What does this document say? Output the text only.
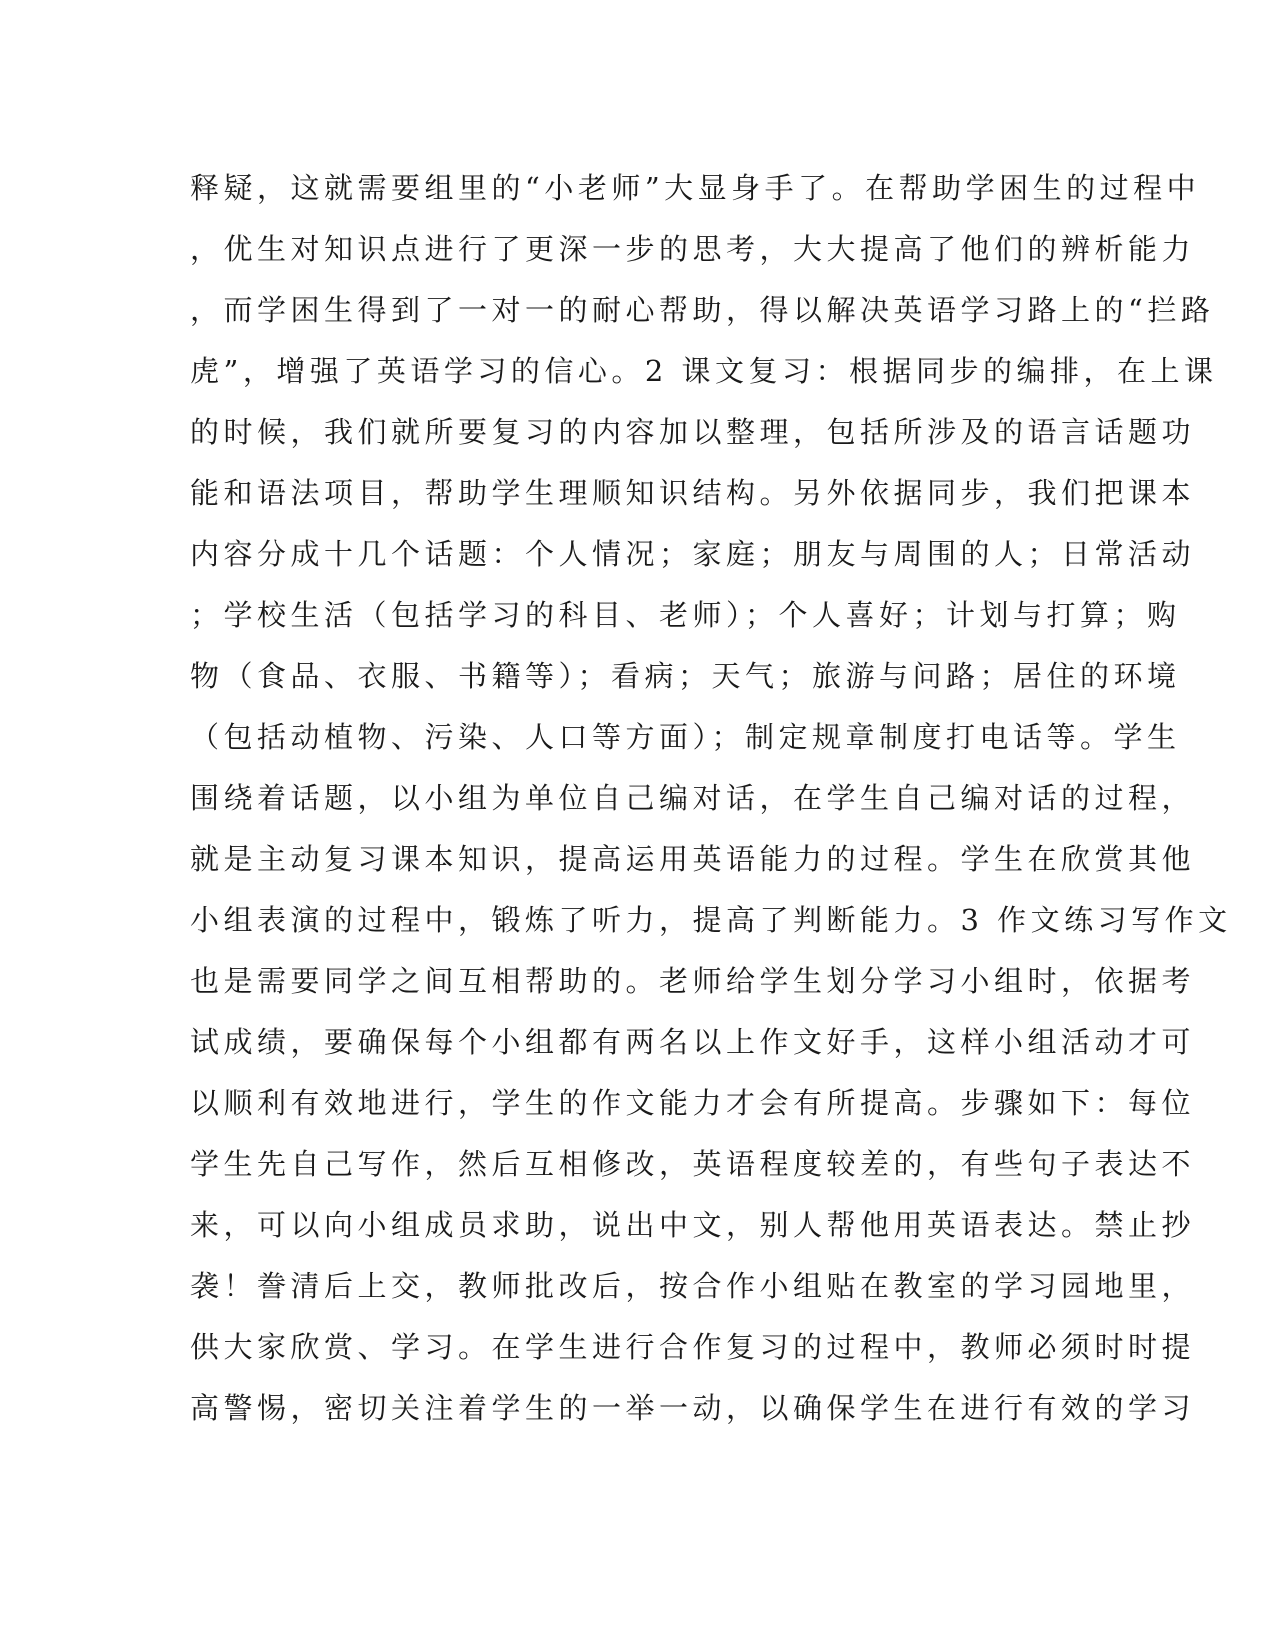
释疑，这就需要组里的“小老师”大显身手了。在帮助学困生的过程中
，优生对知识点进行了更深一步的思考，大大提高了他们的辨析能力
，而学困生得到了一对一的耐心帮助，得以解决英语学习路上的“拦路
虎”，增强了英语学习的信心。2 课文复习：根据同步的编排，在上课
的时候，我们就所要复习的内容加以整理，包括所涉及的语言话题功
能和语法项目，帮助学生理顺知识结构。另外依据同步，我们把课本
内容分成十几个话题：个人情况；家庭；朋友与周围的人；日常活动
；学校生活（包括学习的科目、老师）；个人喜好；计划与打算；购
物（食品、衣服、书籍等）；看病；天气；旅游与问路；居住的环境
（包括动植物、污染、人口等方面）；制定规章制度打电话等。学生
围绕着话题，以小组为单位自己编对话，在学生自己编对话的过程，
就是主动复习课本知识，提高运用英语能力的过程。学生在欣赏其他
小组表演的过程中，锻炼了听力，提高了判断能力。3 作文练习写作文
也是需要同学之间互相帮助的。老师给学生划分学习小组时，依据考
试成绩，要确保每个小组都有两名以上作文好手，这样小组活动才可
以顺利有效地进行，学生的作文能力才会有所提高。步骤如下：每位
学生先自己写作，然后互相修改，英语程度较差的，有些句子表达不
来，可以向小组成员求助，说出中文，别人帮他用英语表达。禁止抄
袭！誊清后上交，教师批改后，按合作小组贴在教室的学习园地里，
供大家欣赏、学习。在学生进行合作复习的过程中，教师必须时时提
高警惕，密切关注着学生的一举一动，以确保学生在进行有效的学习
